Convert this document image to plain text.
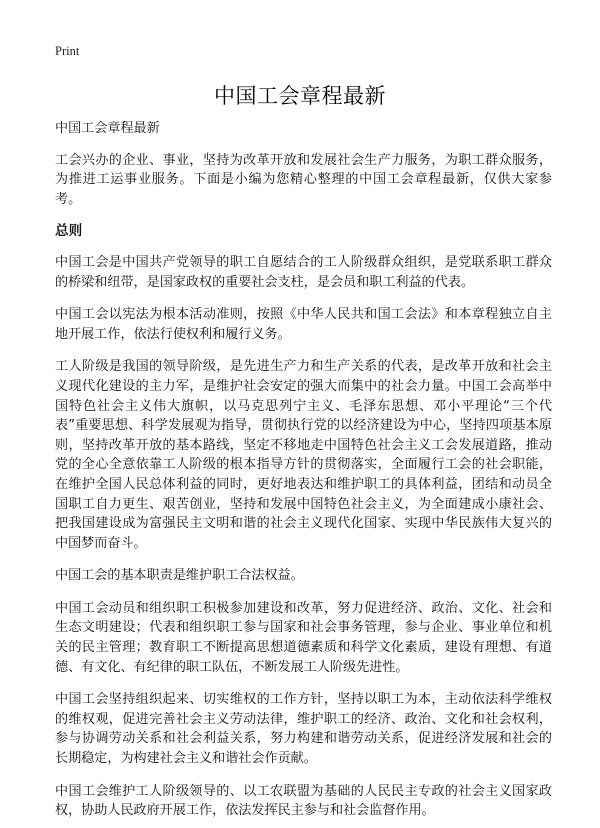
Print
中国工会章程最新

中国工会章程最新

工会兴办的企业、事业，坚持为改革开放和发展社会生产力服务，为职工群众服务，为推进工运事业服务。下面是小编为您精心整理的中国工会章程最新，仅供大家参考。

总则

中国工会是中国共产党领导的职工自愿结合的工人阶级群众组织，是党联系职工群众的桥梁和纽带，是国家政权的重要社会支柱，是会员和职工利益的代表。

中国工会以宪法为根本活动准则，按照《中华人民共和国工会法》和本章程独立自主地开展工作，依法行使权利和履行义务。

工人阶级是我国的领导阶级，是先进生产力和生产关系的代表，是改革开放和社会主义现代化建设的主力军，是维护社会安定的强大而集中的社会力量。中国工会高举中国特色社会主义伟大旗帜，以马克思列宁主义、毛泽东思想、邓小平理论“三个代表”重要思想、科学发展观为指导，贯彻执行党的以经济建设为中心，坚持四项基本原则，坚持改革开放的基本路线，坚定不移地走中国特色社会主义工会发展道路，推动党的全心全意依靠工人阶级的根本指导方针的贯彻落实，全面履行工会的社会职能，在维护全国人民总体利益的同时，更好地表达和维护职工的具体利益，团结和动员全国职工自力更生、艰苦创业，坚持和发展中国特色社会主义，为全面建成小康社会、把我国建设成为富强民主文明和谐的社会主义现代化国家、实现中华民族伟大复兴的中国梦而奋斗。

中国工会的基本职责是维护职工合法权益。

中国工会动员和组织职工积极参加建设和改革，努力促进经济、政治、文化、社会和生态文明建设；代表和组织职工参与国家和社会事务管理，参与企业、事业单位和机关的民主管理；教育职工不断提高思想道德素质和科学文化素质，建设有理想、有道德、有文化、有纪律的职工队伍，不断发展工人阶级先进性。

中国工会坚持组织起来、切实维权的工作方针，坚持以职工为本，主动依法科学维权的维权观，促进完善社会主义劳动法律，维护职工的经济、政治、文化和社会权利，参与协调劳动关系和社会利益关系，努力构建和谐劳动关系，促进经济发展和社会的长期稳定，为构建社会主义和谐社会作贡献。

中国工会维护工人阶级领导的、以工农联盟为基础的人民民主专政的社会主义国家政权，协助人民政府开展工作，依法发挥民主参与和社会监督作用。
